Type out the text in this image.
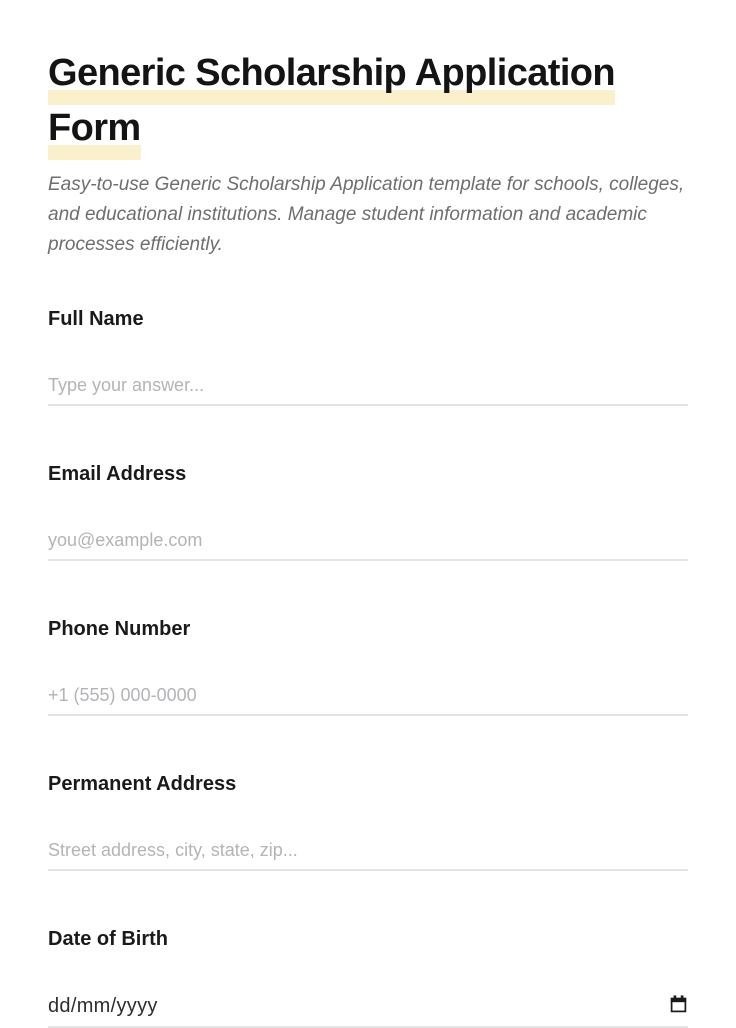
Generic Scholarship Application Form

Easy-to-use Generic Scholarship Application template for schools, colleges, and educational institutions. Manage student information and academic processes efficiently.

Full Name
Type your answer...
Email Address
you@example.com
Phone Number
+1 (555) 000-0000
Permanent Address
Street address, city, state, zip...
Date of Birth
dd/mm/yyyy
